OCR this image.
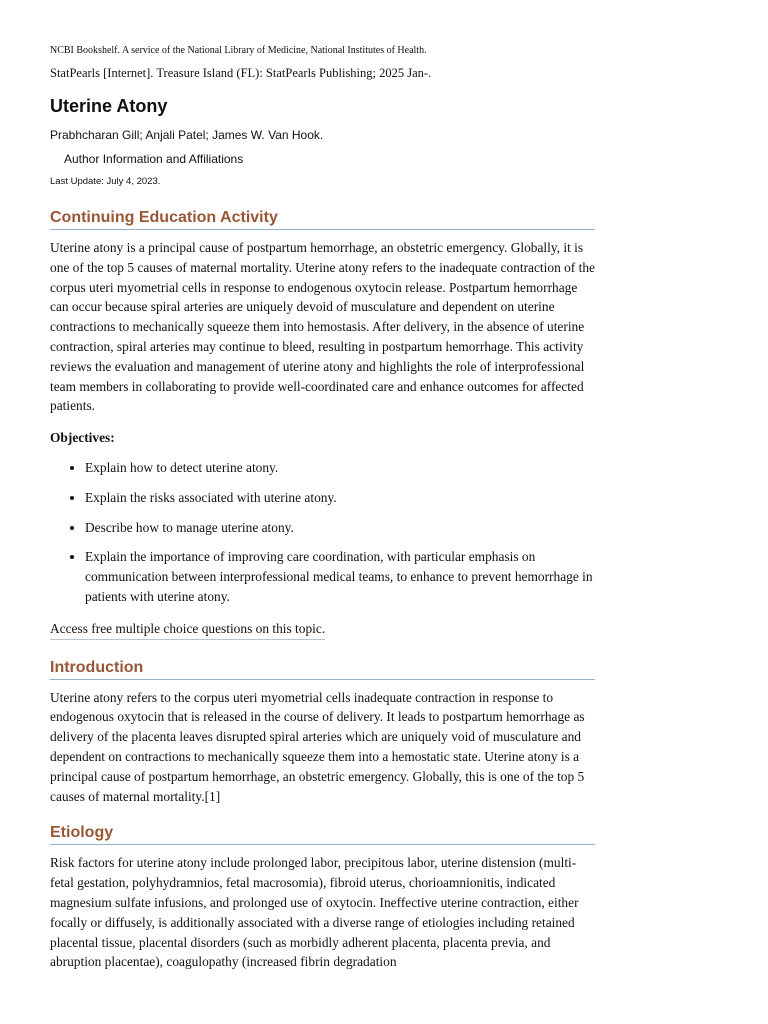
NCBI Bookshelf. A service of the National Library of Medicine, National Institutes of Health.
StatPearls [Internet]. Treasure Island (FL): StatPearls Publishing; 2025 Jan-.
Uterine Atony
Prabhcharan Gill; Anjali Patel; James W. Van Hook.
Author Information and Affiliations
Last Update: July 4, 2023.
Continuing Education Activity

Uterine atony is a principal cause of postpartum hemorrhage, an obstetric emergency. Globally, it is one of the top 5 causes of maternal mortality. Uterine atony refers to the inadequate contraction of the corpus uteri myometrial cells in response to endogenous oxytocin release. Postpartum hemorrhage can occur because spiral arteries are uniquely devoid of musculature and dependent on uterine contractions to mechanically squeeze them into hemostasis. After delivery, in the absence of uterine contraction, spiral arteries may continue to bleed, resulting in postpartum hemorrhage. This activity reviews the evaluation and management of uterine atony and highlights the role of interprofessional team members in collaborating to provide well-coordinated care and enhance outcomes for affected patients.

Objectives:

• Explain how to detect uterine atony.
• Explain the risks associated with uterine atony.
• Describe how to manage uterine atony.
• Explain the importance of improving care coordination, with particular emphasis on communication between interprofessional medical teams, to enhance to prevent hemorrhage in patients with uterine atony.
Access free multiple choice questions on this topic.
Introduction

Uterine atony refers to the corpus uteri myometrial cells inadequate contraction in response to endogenous oxytocin that is released in the course of delivery. It leads to postpartum hemorrhage as delivery of the placenta leaves disrupted spiral arteries which are uniquely void of musculature and dependent on contractions to mechanically squeeze them into a hemostatic state. Uterine atony is a principal cause of postpartum hemorrhage, an obstetric emergency. Globally, this is one of the top 5 causes of maternal mortality.[1]

Etiology

Risk factors for uterine atony include prolonged labor, precipitous labor, uterine distension (multi-fetal gestation, polyhydramnios, fetal macrosomia), fibroid uterus, chorioamnionitis, indicated magnesium sulfate infusions, and prolonged use of oxytocin. Ineffective uterine contraction, either focally or diffusely, is additionally associated with a diverse range of etiologies including retained placental tissue, placental disorders (such as morbidly adherent placenta, placenta previa, and abruption placentae), coagulopathy (increased fibrin degradation
